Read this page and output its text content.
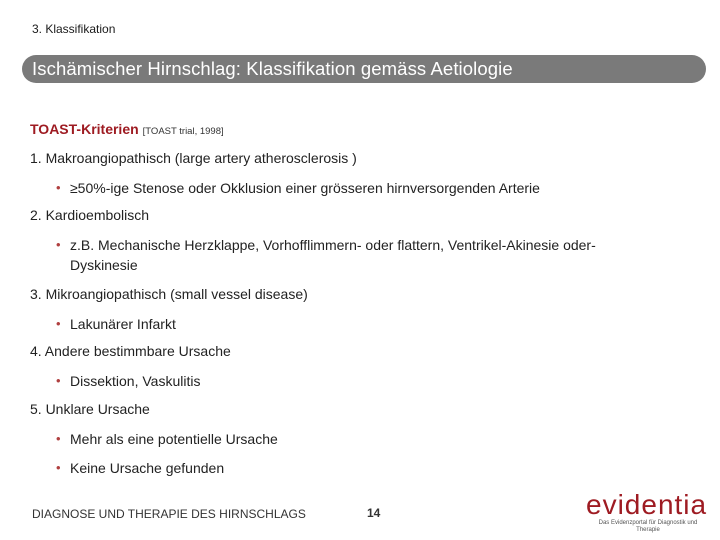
3. Klassifikation
Ischämischer Hirnschlag: Klassifikation gemäss Aetiologie
TOAST-Kriterien [TOAST trial, 1998]
1. Makroangiopathisch (large artery atherosclerosis )
• ≥50%-ige Stenose oder Okklusion einer grösseren hirnversorgenden Arterie
2. Kardioembolisch
• z.B. Mechanische Herzklappe, Vorhofflimmern- oder flattern, Ventrikel-Akinesie oder-Dyskinesie
3. Mikroangiopathisch (small vessel disease)
• Lakunärer Infarkt
4. Andere bestimmbare Ursache
• Dissektion, Vaskulitis
5. Unklare Ursache
• Mehr als eine potentielle Ursache
• Keine Ursache gefunden
DIAGNOSE UND THERAPIE DES HIRNSCHLAGS	14	evidentia
Das Evidenzportal für Diagnostik und Therapie
